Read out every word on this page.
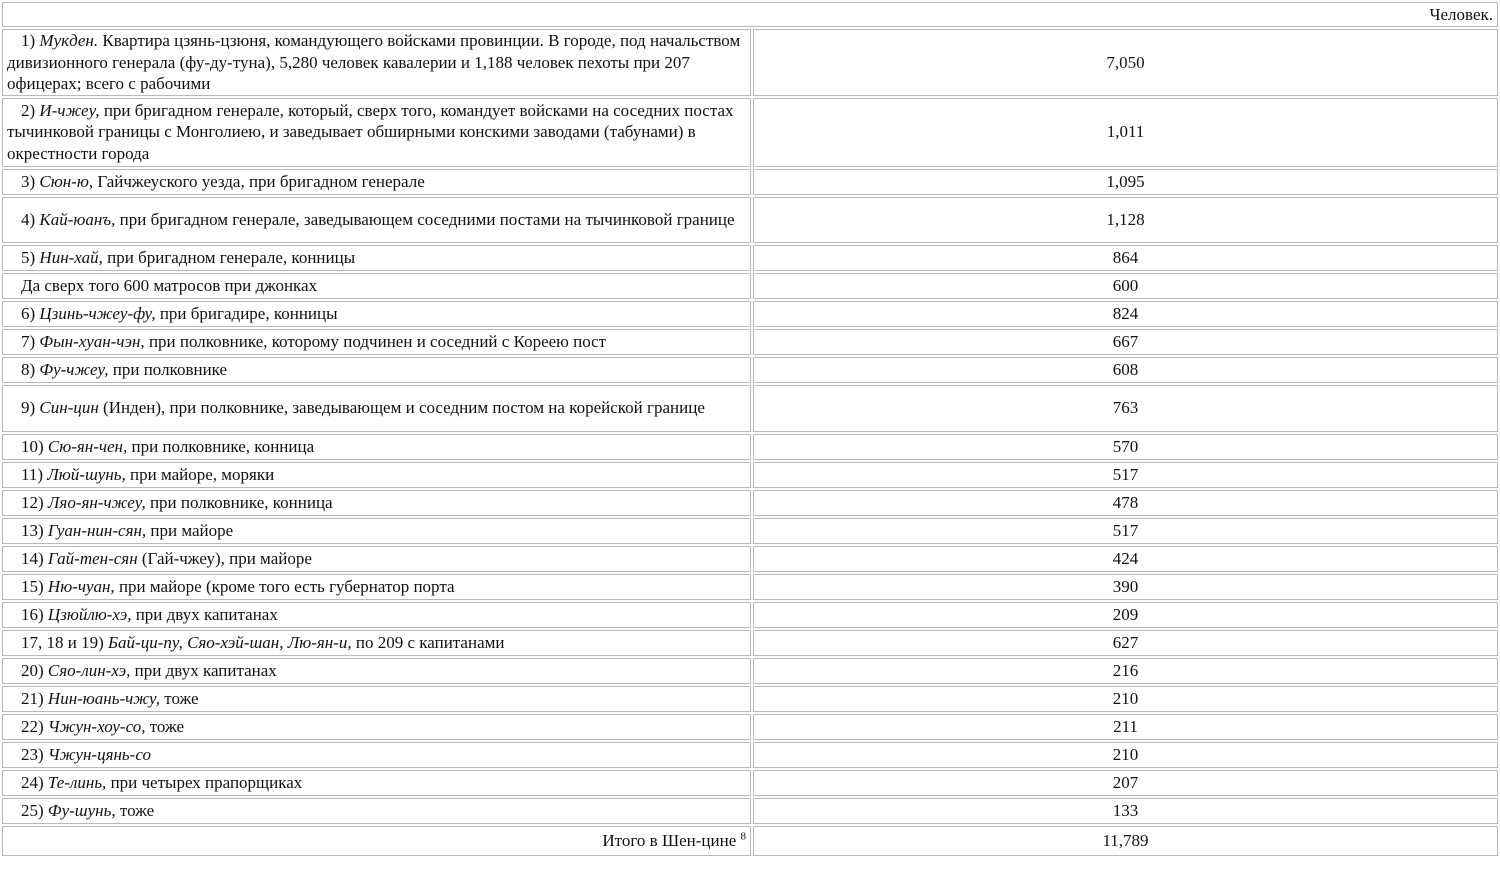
Человек.	
1) Мукден. Квартира цзянь-цзюня, командующего войсками провинции. В городе, под начальством дивизионного генерала (фу-ду-туна), 5,280 человек кавалерии и 1,188 человек пехоты при 207 офицерах; всего с рабочими	7,050
2) И-чжеу, при бригадном генерале, который, сверх того, командует войсками на соседних постах тычинковой границы с Монголиею, и заведывает обширными конскими заводами (табунами) в окрестности города	1,011
3) Сюн-ю, Гайчжеуского уезда, при бригадном генерале	1,095
4) Кай-юанъ, при бригадном генерале, заведывающем соседними постами на тычинковой границе	1,128
5) Нин-хай, при бригадном генерале, конницы	864
Да сверх того 600 матросов при джонках	600
6) Цзинь-чжеу-фу, при бригадире, конницы	824
7) Фын-хуан-чэн, при полковнике, которому подчинен и соседний с Кореею пост	667
8) Фу-чжеу, при полковнике	608
9) Син-цин (Инден), при полковнике, заведывающем и соседним постом на корейской границе	763
10) Сю-ян-чен, при полковнике, конница	570
11) Люй-шунь, при майоре, моряки	517
12) Ляо-ян-чжеу, при полковнике, конница	478
13) Гуан-нин-сян, при майоре	517
14) Гай-тен-сян (Гай-чжеу), при майоре	424
15) Ню-чуан, при майоре (кроме того есть губернатор порта	390
16) Цзюйлю-хэ, при двух капитанах	209
17, 18 и 19) Бай-ци-пу, Сяо-хэй-шан, Лю-ян-и, по 209 с капитанами	627
20) Сяо-лин-хэ, при двух капитанах	216
21) Нин-юань-чжу, тоже	210
22) Чжун-хоу-со, тоже	211
23) Чжун-цянь-со	210
24) Те-линь, при четырех прапорщиках	207
25) Фу-шунь, тоже	133
Итого в Шен-цине $^8$	11,789
